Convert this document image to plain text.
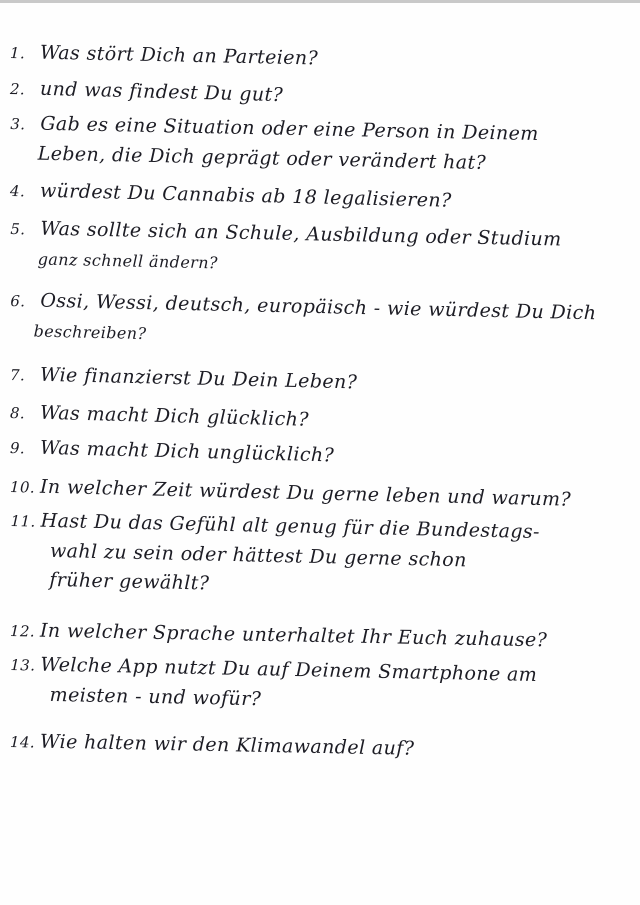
1. Was stört Dich an Parteien?
2. und was findest Du gut?
3. Gab es eine Situation oder eine Person in Deinem
Leben, die Dich geprägt oder verändert hat?
4. würdest Du Cannabis ab 18 legalisieren?
5. Was sollte sich an Schule, Ausbildung oder Studium
ganz schnell ändern?
6. Ossi, Wessi, deutsch, europäisch - wie würdest Du Dich
beschreiben?
7. Wie finanzierst Du Dein Leben?
8. Was macht Dich glücklich?
9. Was macht Dich unglücklich?
10. In welcher Zeit würdest Du gerne leben und warum?
11. Hast Du das Gefühl alt genug für die Bundestags-
wahl zu sein oder hättest Du gerne schon
früher gewählt?
12. In welcher Sprache unterhaltet Ihr Euch zuhause?
13. Welche App nutzt Du auf Deinem Smartphone am
meisten - und wofür?
14. Wie halten wir den Klimawandel auf?
